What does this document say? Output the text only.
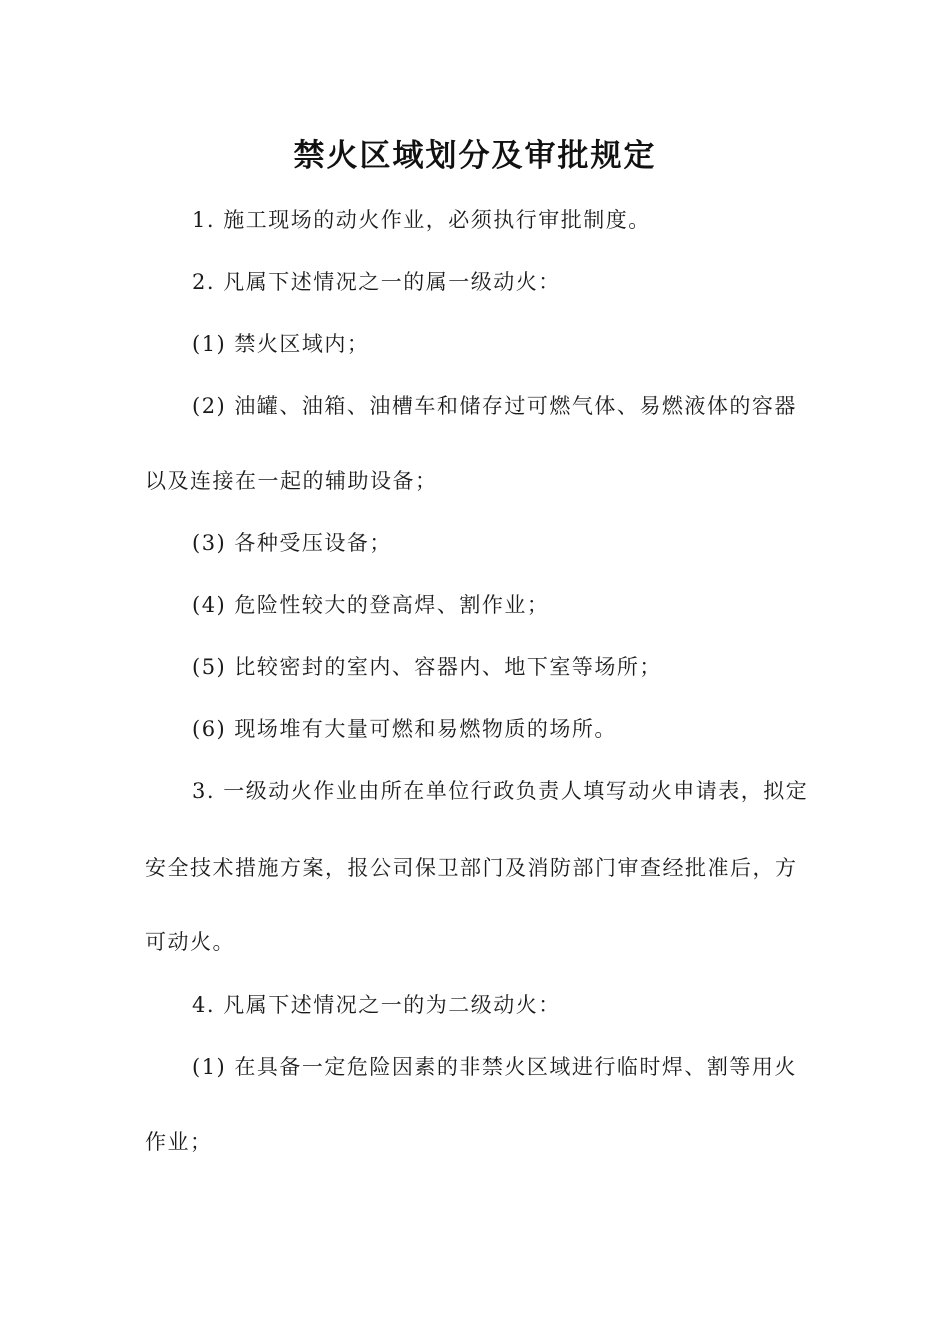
禁火区域划分及审批规定
1. 施工现场的动火作业，必须执行审批制度。
2. 凡属下述情况之一的属一级动火：
(1) 禁火区域内；
(2) 油罐、油箱、油槽车和储存过可燃气体、易燃液体的容器
以及连接在一起的辅助设备；
(3) 各种受压设备；
(4) 危险性较大的登高焊、割作业；
(5) 比较密封的室内、容器内、地下室等场所；
(6) 现场堆有大量可燃和易燃物质的场所。
3. 一级动火作业由所在单位行政负责人填写动火申请表，拟定
安全技术措施方案，报公司保卫部门及消防部门审查经批准后，方
可动火。
4. 凡属下述情况之一的为二级动火：
(1) 在具备一定危险因素的非禁火区域进行临时焊、割等用火
作业；
